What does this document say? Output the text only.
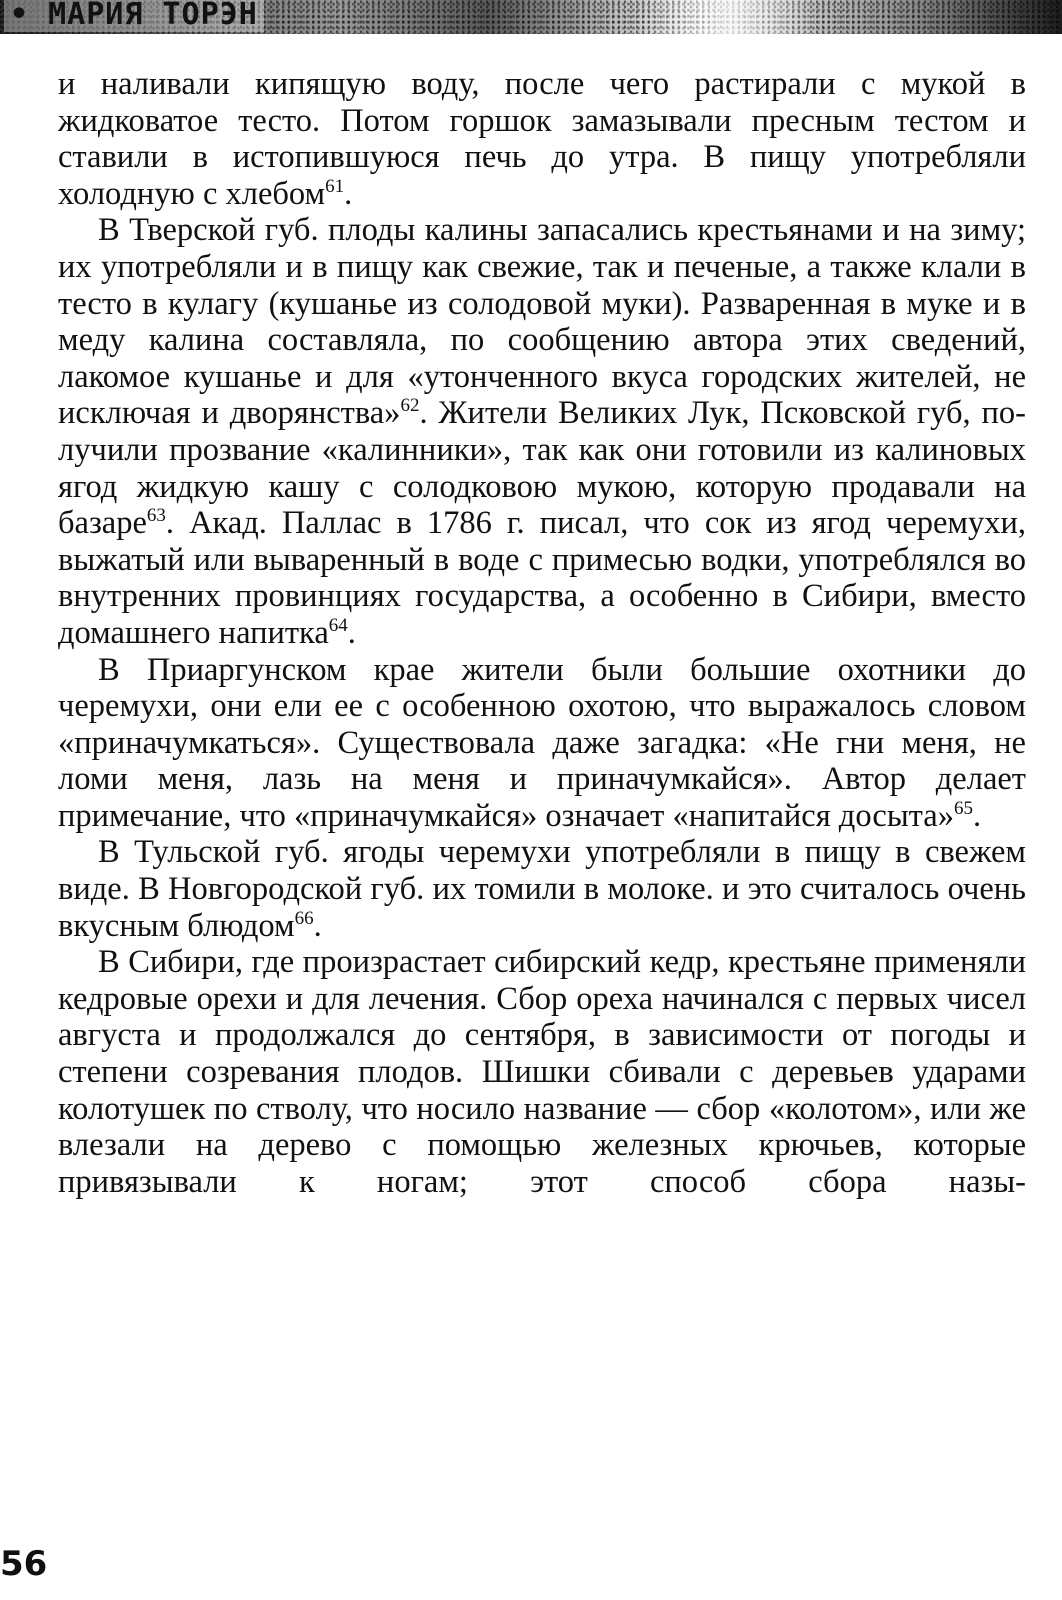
• МАРИЯ ТОРЭН

и наливали кипящую воду, после чего растирали с мукой в жидковатое тесто. Потом горшок замазывали пресным тестом и ставили в истопившуюся печь до утра. В пищу употребляли холодную с хлебом$^{61}$.

В Тверской губ. плоды калины запасались крестьянами и на зиму; их употребляли и в пищу как свежие, так и печеные, а также клали в тесто в кулагу (кушанье из солодовой муки). Разваренная в муке и в меду калина составляла, по сообщению автора этих сведений, лакомое кушанье и для «утонченного вкуса городских жителей, не исключая и дворянства»$^{62}$. Жители Великих Лук, Псковской губ, получили прозвание «калинники», так как они готовили из калиновых ягод жидкую кашу с солодковою мукою, которую продавали на базаре$^{63}$. Акад. Паллас в 1786 г. писал, что сок из ягод черемухи, выжатый или вываренный в воде с примесью водки, употреблялся во внутренних провинциях государства, а особенно в Сибири, вместо домашнего напитка$^{64}$.

В Приаргунском крае жители были большие охотники до черемухи, они ели ее с особенною охотою, что выражалось словом «приначумкаться». Существовала даже загадка: «Не гни меня, не ломи меня, лазь на меня и приначумкайся». Автор делает примечание, что «приначумкайся» означает «напитайся досыта»$^{65}$.

В Тульской губ. ягоды черемухи употребляли в пищу в свежем виде. В Новгородской губ. их томили в молоке. и это считалось очень вкусным блюдом$^{66}$.

В Сибири, где произрастает сибирский кедр, крестьяне применяли кедровые орехи и для лечения. Сбор ореха начинался с первых чисел августа и продолжался до сентября, в зависимости от погоды и степени созревания плодов. Шишки сбивали с деревьев ударами колотушек по стволу, что носило название — сбор «колотом», или же влезали на дерево с помощью железных крючьев, которые привязывали к ногам; этот способ сбора назы-

56
